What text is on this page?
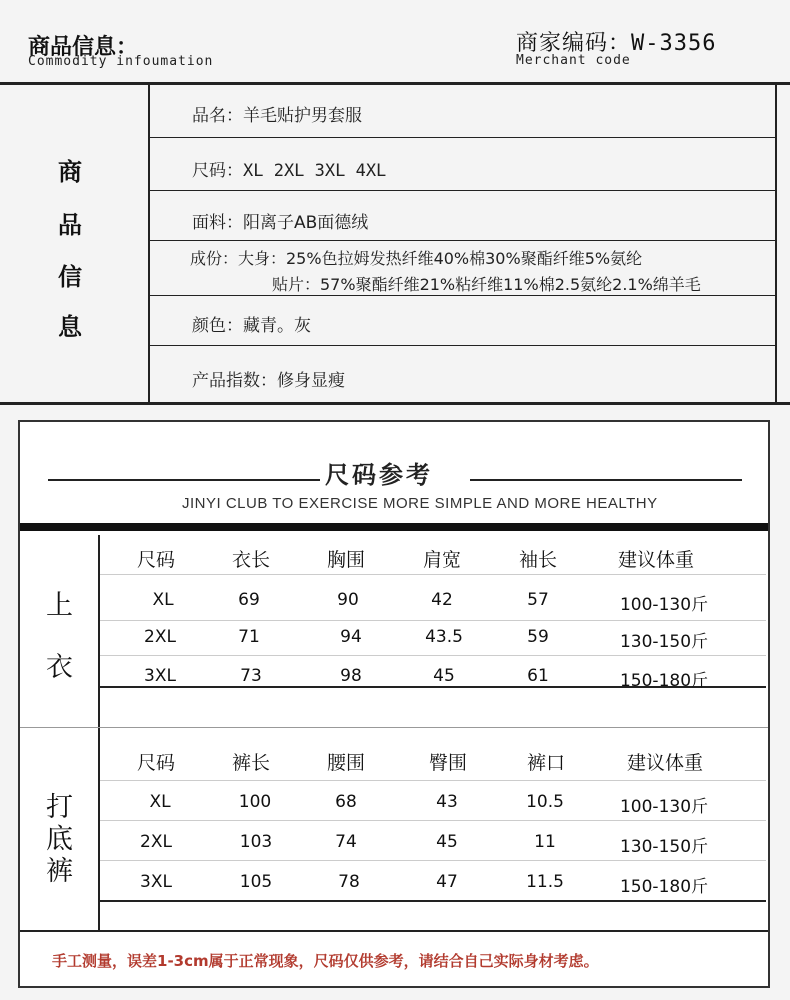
商品信息：
Commodity infoumation
商家编码：W-3356
Merchant code
商
品
信
息
品名：羊毛贴护男套服
尺码：XL 2XL 3XL 4XL
面料：阳离子AB面德绒
成份：大身：25%色拉姆发热纤维40%棉30%聚酯纤维5%氨纶
贴片：57%聚酯纤维21%粘纤维11%棉2.5氨纶2.1%绵羊毛
颜色：藏青。灰
产品指数：修身显瘦
尺码参考
JINYI CLUB TO EXERCISE MORE SIMPLE AND MORE HEALTHY
上
衣
打
底
裤
尺码	衣长	胸围	肩宽	袖长	建议体重
XL	69	90	42	57	100-130斤
2XL	71	94	43.5	59	130-150斤
3XL	73	98	45	61	150-180斤
尺码	裤长	腰围	臀围	裤口	建议体重
XL	100	68	43	10.5	100-130斤
2XL	103	74	45	11	130-150斤
3XL	105	78	47	11.5	150-180斤
手工测量，误差1-3cm属于正常现象，尺码仅供参考，请结合自己实际身材考虑。
